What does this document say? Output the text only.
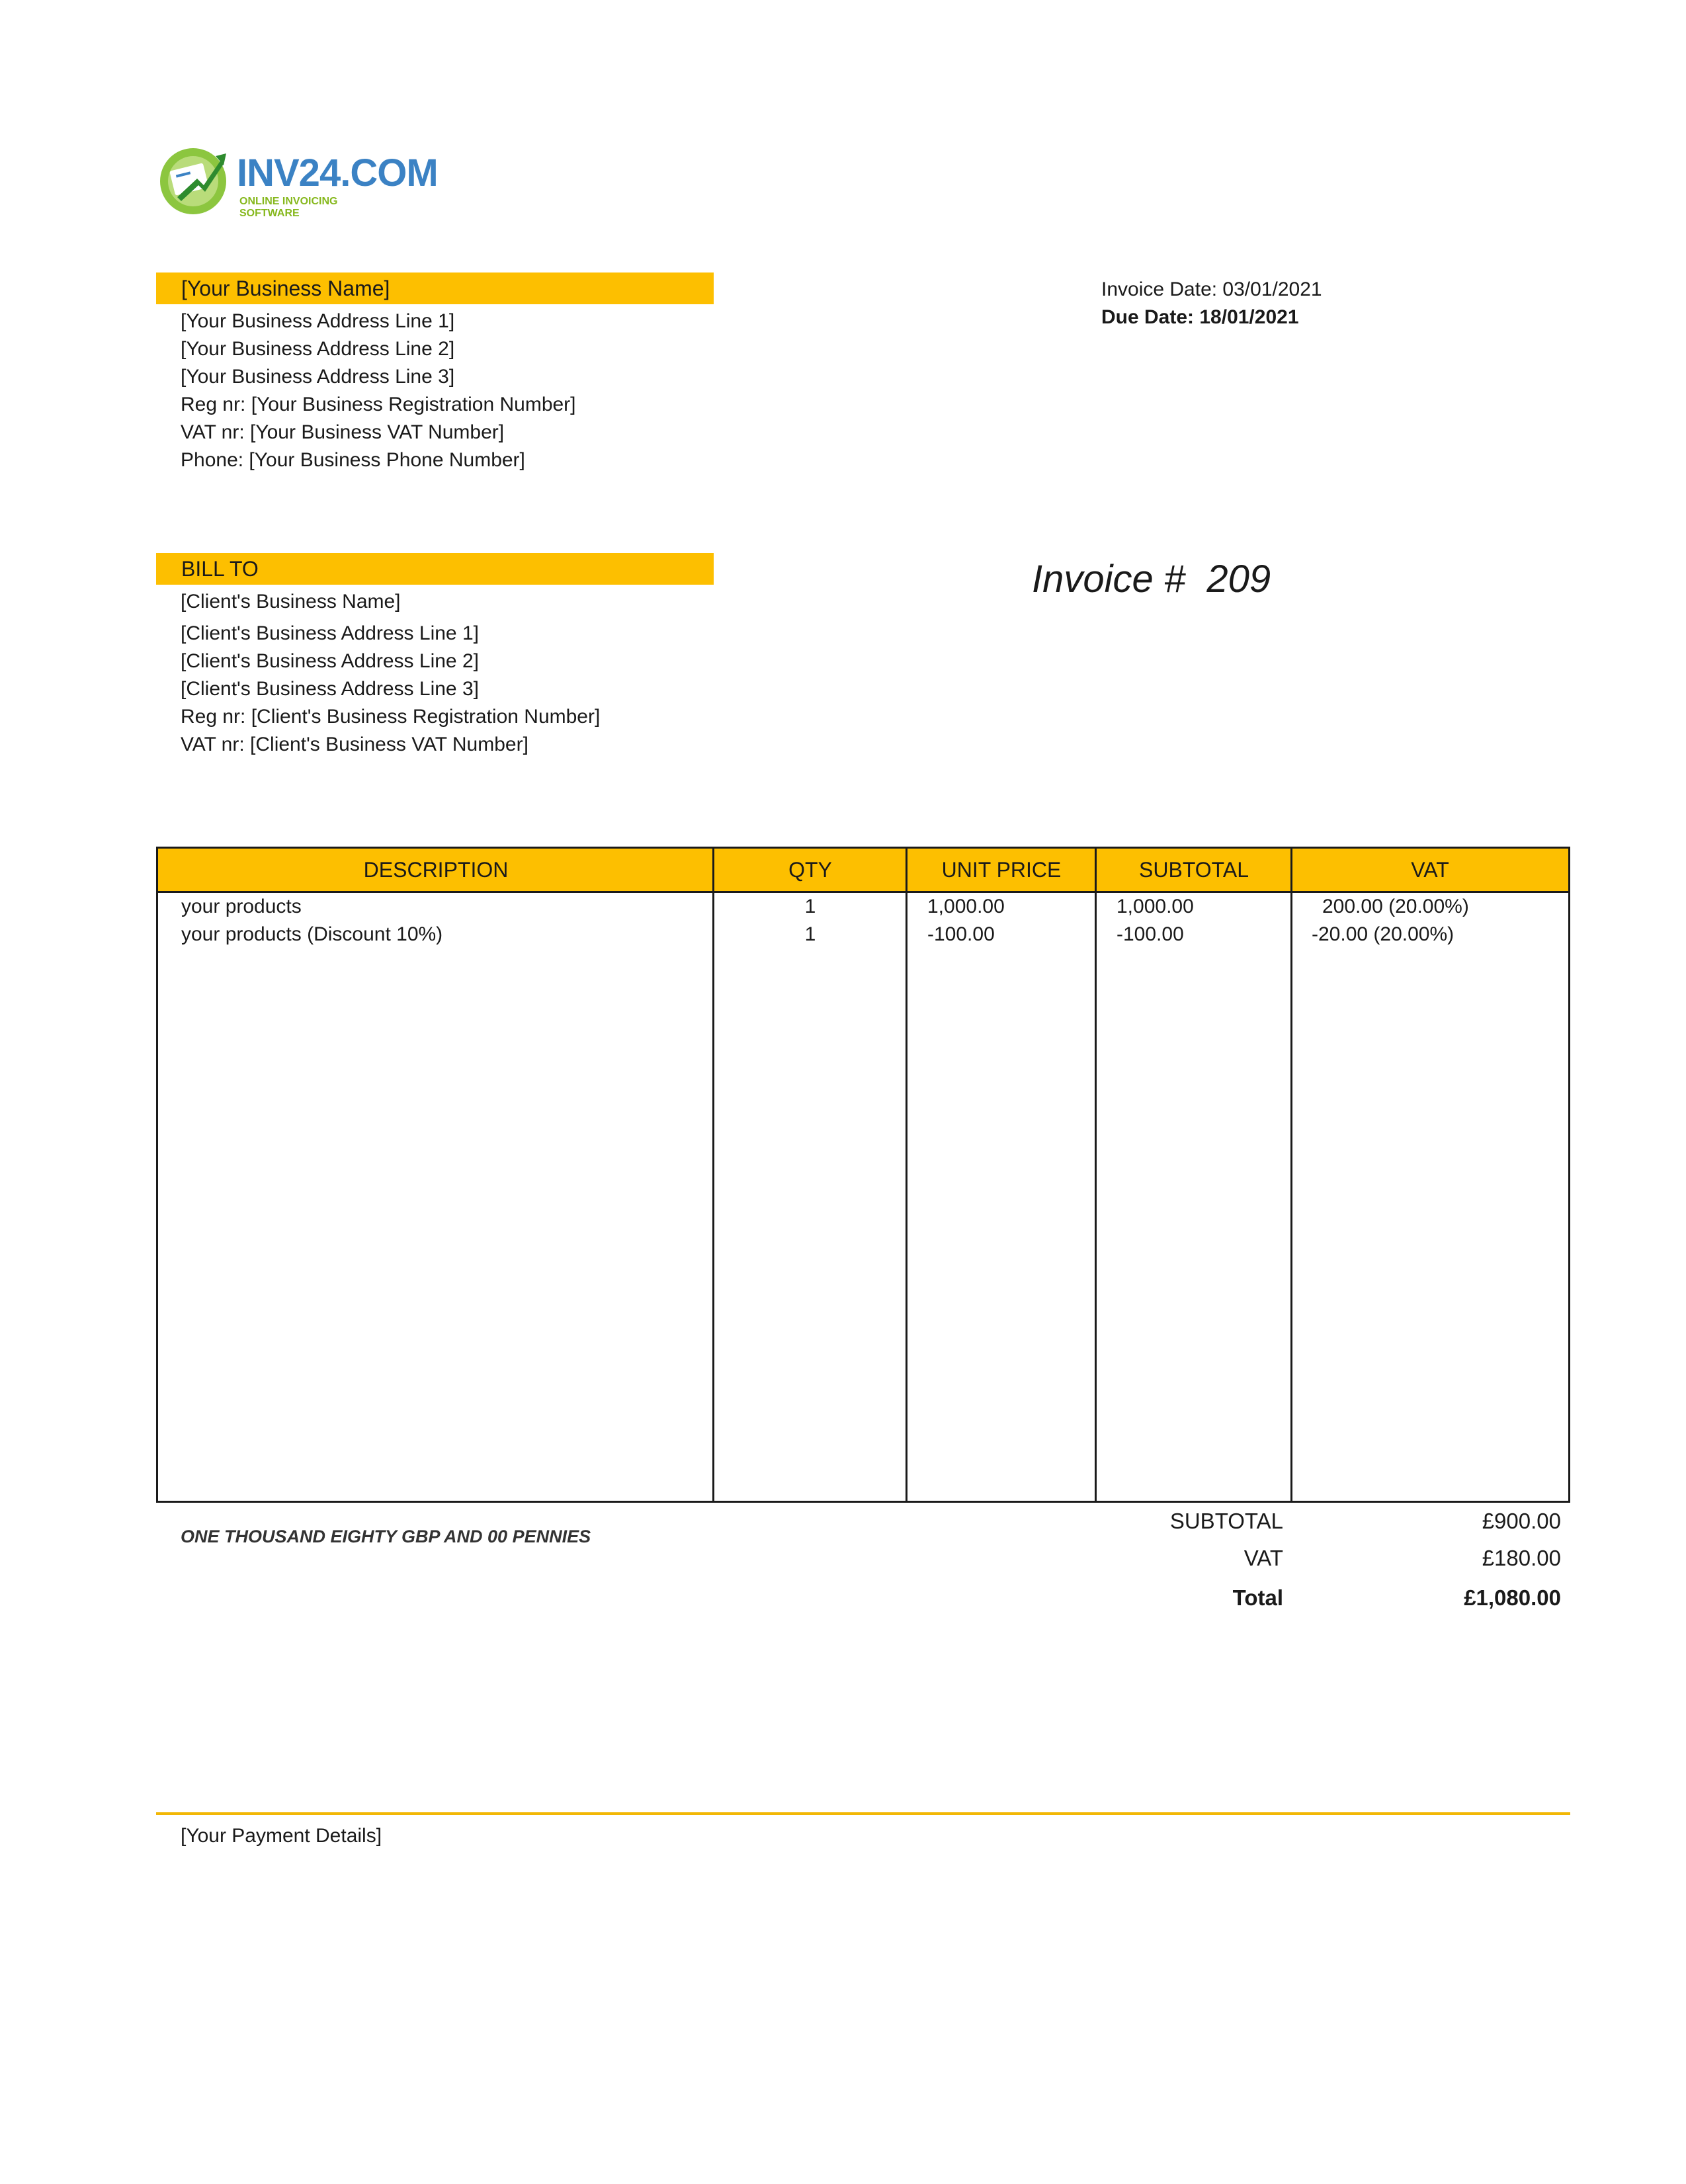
INV24.COM
ONLINE INVOICING SOFTWARE
[Your Business Name]
[Your Business Address Line 1]
[Your Business Address Line 2]
[Your Business Address Line 3]
Reg nr: [Your Business Registration Number]
VAT nr: [Your Business VAT Number]
Phone: [Your Business Phone Number]
Invoice Date: 03/01/2021
Due Date: 18/01/2021
BILL TO
[Client's Business Name]
[Client's Business Address Line 1]
[Client's Business Address Line 2]
[Client's Business Address Line 3]
Reg nr: [Client's Business Registration Number]
VAT nr: [Client's Business VAT Number]
Invoice #  209
DESCRIPTION	QTY	UNIT PRICE	SUBTOTAL	VAT
your products	1	1,000.00	1,000.00	200.00 (20.00%)
your products (Discount 10%)	1	-100.00	-100.00	-20.00 (20.00%)
ONE THOUSAND EIGHTY GBP AND 00 PENNIES
SUBTOTAL	£900.00
VAT	£180.00
Total	£1,080.00
[Your Payment Details]
